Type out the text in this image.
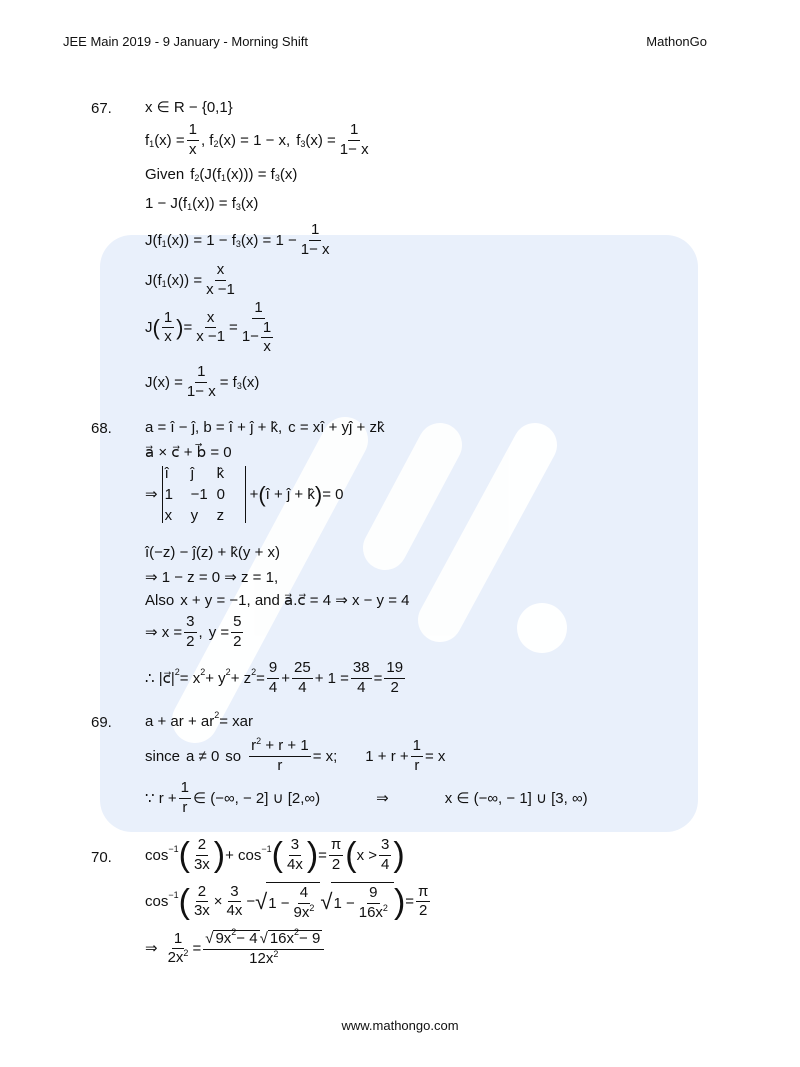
JEE Main 2019 - 9 January - Morning Shift	MathonGo
67. x ∈ R − {0,1}
f 1 $(x) = \frac{1}{x}$ , f 2 (x) = 1 − x, f 3 $(x) = \frac{1}{1- x}$
Given f 2 (J(f 1 (x))) = f 3 (x)
1 − J(f 1 (x)) = f 3 (x)
J(f 1 (x)) = 1 − f 3 $(x) = 1 - \frac{1}{1- x}$
J(f 1 $(x)) = \frac{x}{x -1}$
J ( $\frac{1}{x}$ ) = $\frac{x}{x -1} = \frac{1}{1- \frac{1}{x}}$
$J(x) = \frac{1}{1- x} = f$ 3 (x)
68. a = î − ĵ, b = î + ĵ + k̂, c = xî + yĵ + zk̂
a⃗ × c⃗ + b⃗ = 0
⇒
î	ĵ	k̂
1	−1 0
x	y	z
+ ( î + ĵ + k̂ ) = 0
î(−z) − ĵ(z) + k̂(y + x)
⇒ 1 − z = 0 ⇒ z = 1,
Also x + y = −1, and a⃗.c⃗ = 4 ⇒ x − y = 4
⇒ $x = \frac{3}{2}$ , $y = \frac{5}{2}$
∴ |c⃗| 2 = x 2 + y 2 + z $2 = \frac{9}{4} + \frac{25}{4} + 1 = \frac{38}{4} = \frac{19}{2}$
69. a + ar + ar 2 = xar
since a ≠ 0 so $\frac{r^2 + r + 1}{r} = x$; $1 + r + \frac{1}{r} = x$
∵ $r + \frac{1}{r}$ ∈ (−∞, − 2] ∪ [2,∞)	⇒	x ∈ (−∞, − 1] ∪ [3, ∞)
70. cos −1 ( $\frac{2}{3x}$ ) + cos −1 ( $\frac{3}{4x}$ ) = $\frac{\pi}{2}$ ( $x > \frac{3}{4}$ )
cos −1 ( $\frac{2}{3x} \times \frac{3}{4x}$ − √ $1 - \frac{4}{9x^2}$ √ $1 - \frac{9}{16x^2}$ ) = $\frac{\pi}{2}$
⇒ $\frac{1}{2x^2} = \frac{√ 9x 2 - 4 √ 16x 2 - 9}{12x^2}$
www.mathongo.com
